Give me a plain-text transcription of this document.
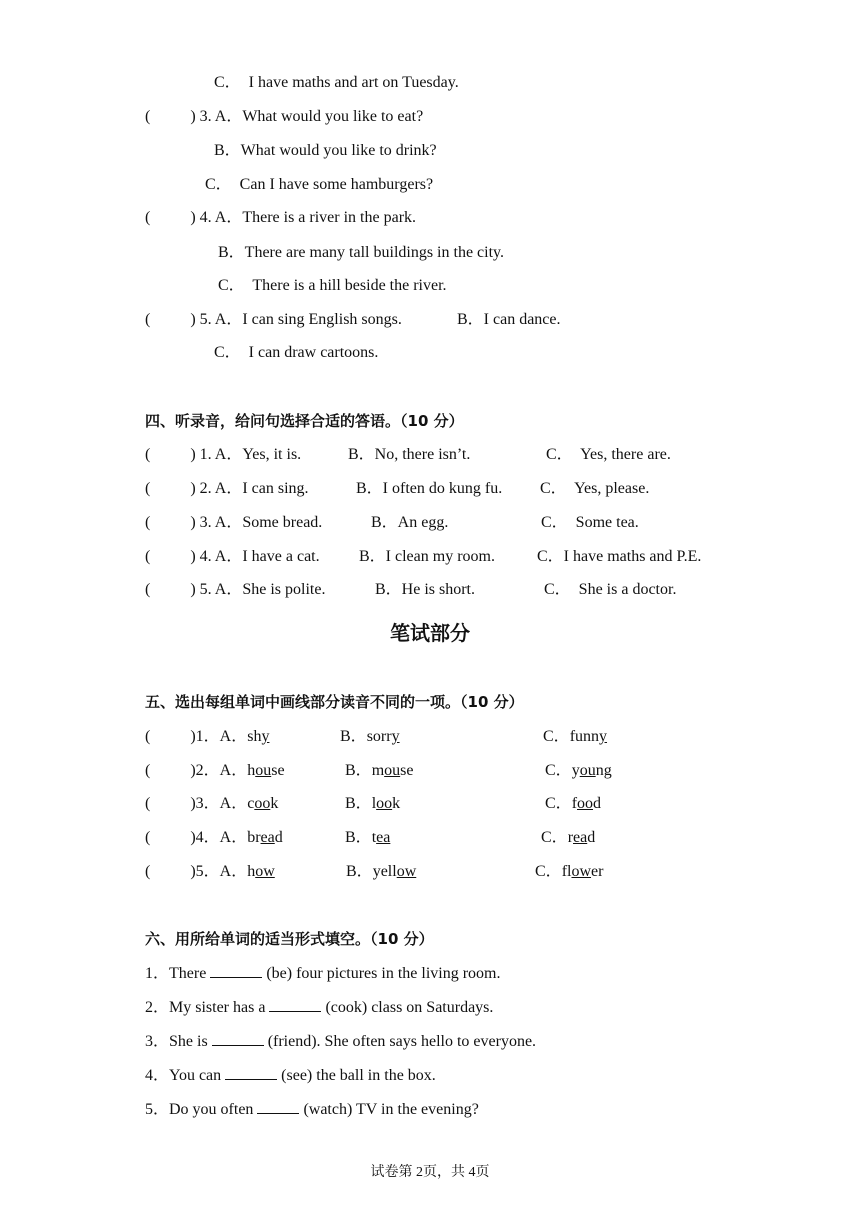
C．  I have maths and art on Tuesday.
(          ) 3. A．What would you like to eat?
B．What would you like to drink?
C．  Can I have some hamburgers?
(          ) 4. A．There is a river in the park.
B．There are many tall buildings in the city.
C．  There is a hill beside the river.
(          ) 5. A．I can sing English songs.	B．I can dance.
C．  I can draw cartoons.
四、听录音，给问句选择合适的答语。（10 分）
(          ) 1. A．Yes, it is.	B．No, there isn’t.	C．  Yes, there are.
(          ) 2. A．I can sing.	B．I often do kung fu. C．  Yes, please.
(          ) 3. A．Some bread.	B．An egg.	C．  Some tea.
(          ) 4. A．I have a cat. B．I clean my room.	C．I have maths and P.E.
(          ) 5. A．She is polite.	B．He is short.	C．  She is a doctor.
笔试部分
五、选出每组单词中画线部分读音不同的一项。（10 分）
(          )1．A．shy	B．sorry	C．funny
(          )2．A．house	B．mouse	C．young
(          )3．A．cook	B．look	C．food
(          )4．A．bread	B．tea	C．read
(          )5．A．how	B．yellow	C．flower
六、用所给单词的适当形式填空。（10 分）
1．There	(be) four pictures in the living room.
2．My sister has a	(cook) class on Saturdays.
3．She is	(friend). She often says hello to everyone.
4．You can	(see) the ball in the box.
5．Do you often	(watch) TV in the evening?
试卷第 2页，共 4页
